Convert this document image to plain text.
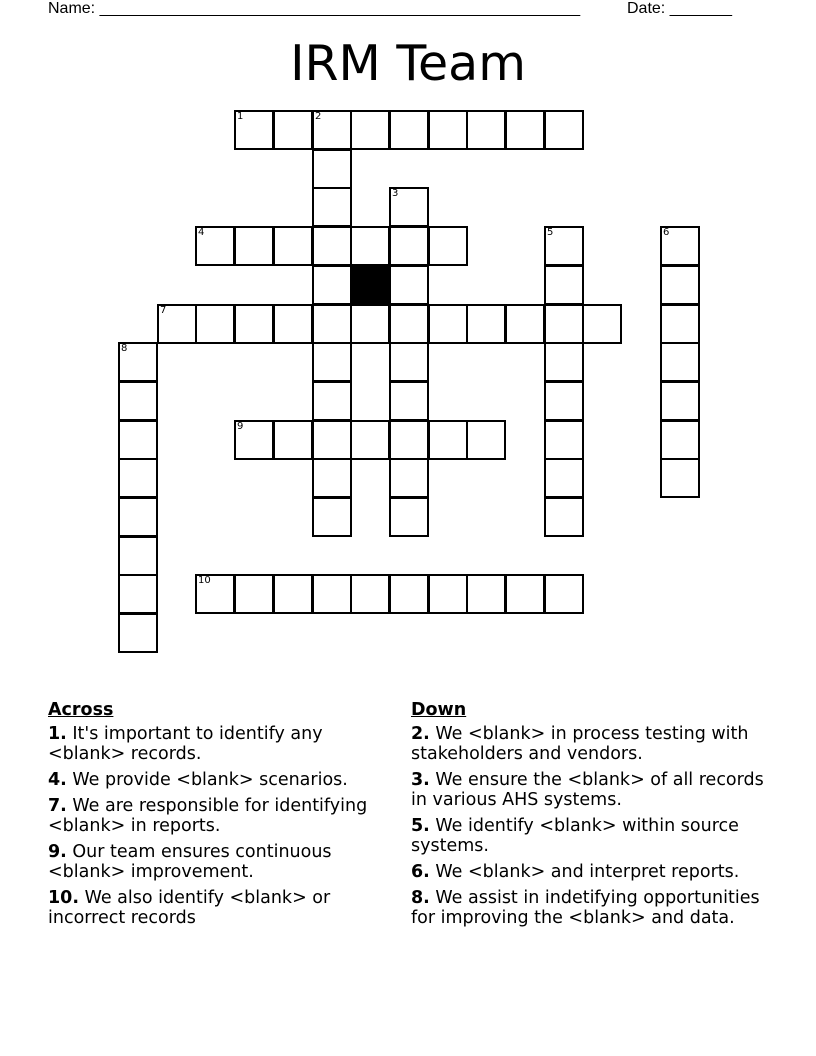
Name: ______________________________________________________	Date: _______
IRM Team
1	2
3
4	5	6
7
8
9
10
Across
1. It's important to identify any <blank> records.
4. We provide <blank> scenarios.
7. We are responsible for identifying <blank> in reports.
9. Our team ensures continuous <blank> improvement.
10. We also identify <blank> or incorrect records
Down
2. We <blank> in process testing with stakeholders and vendors.
3. We ensure the <blank> of all records in various AHS systems.
5. We identify <blank> within source systems.
6. We <blank> and interpret reports.
8. We assist in indetifying opportunities for improving the <blank> and data.
